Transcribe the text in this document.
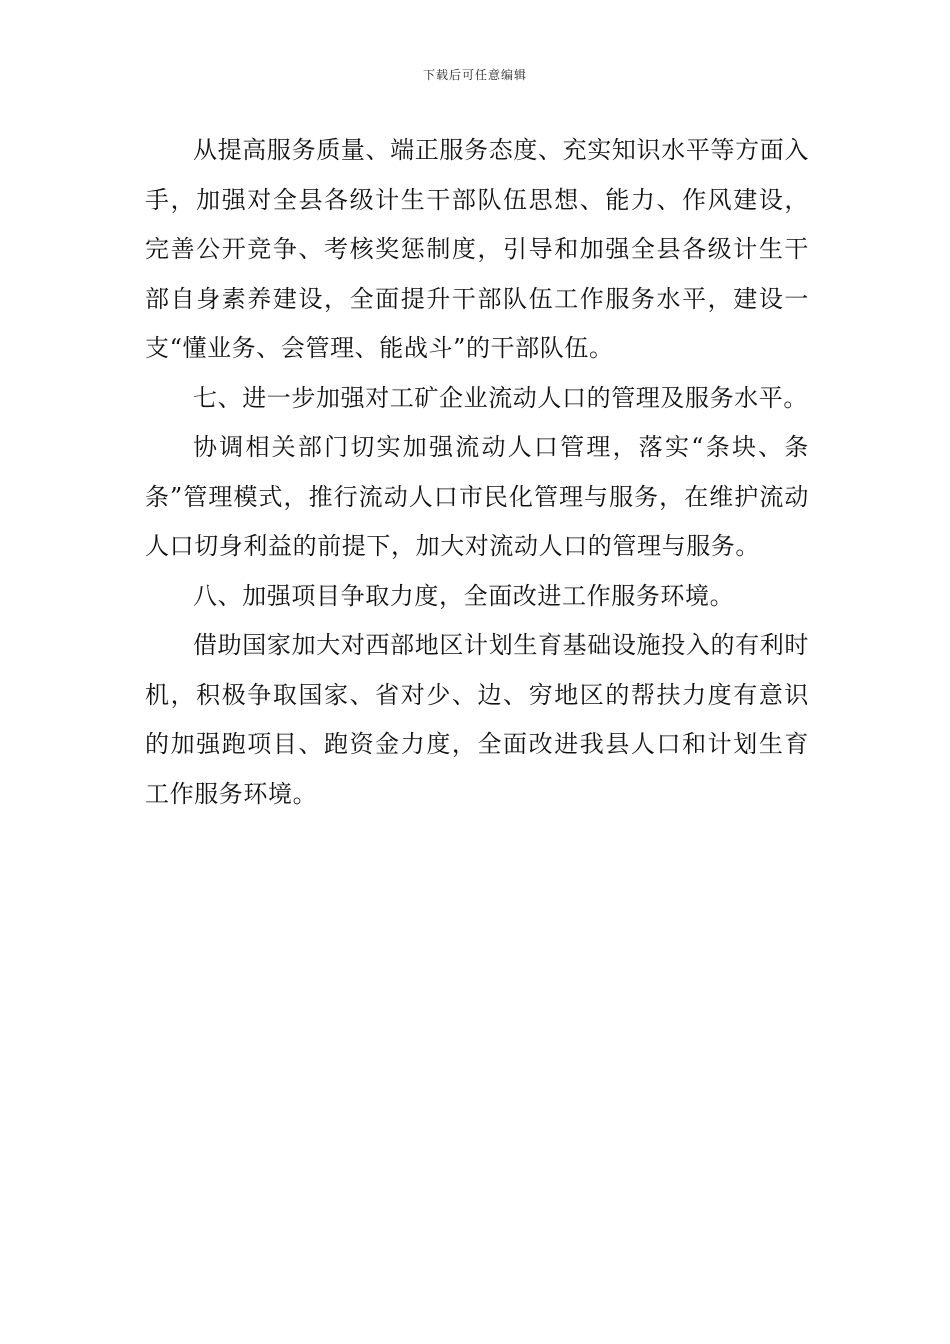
下载后可任意编辑

从提高服务质量、端正服务态度、充实知识水平等方面入手，加强对全县各级计生干部队伍思想、能力、作风建设，完善公开竞争、考核奖惩制度，引导和加强全县各级计生干部自身素养建设，全面提升干部队伍工作服务水平，建设一支“懂业务、会管理、能战斗”的干部队伍。

七、进一步加强对工矿企业流动人口的管理及服务水平。

协调相关部门切实加强流动人口管理，落实“条块、条条”管理模式，推行流动人口市民化管理与服务，在维护流动人口切身利益的前提下，加大对流动人口的管理与服务。

八、加强项目争取力度，全面改进工作服务环境。

借助国家加大对西部地区计划生育基础设施投入的有利时机，积极争取国家、省对少、边、穷地区的帮扶力度有意识的加强跑项目、跑资金力度，全面改进我县人口和计划生育工作服务环境。
